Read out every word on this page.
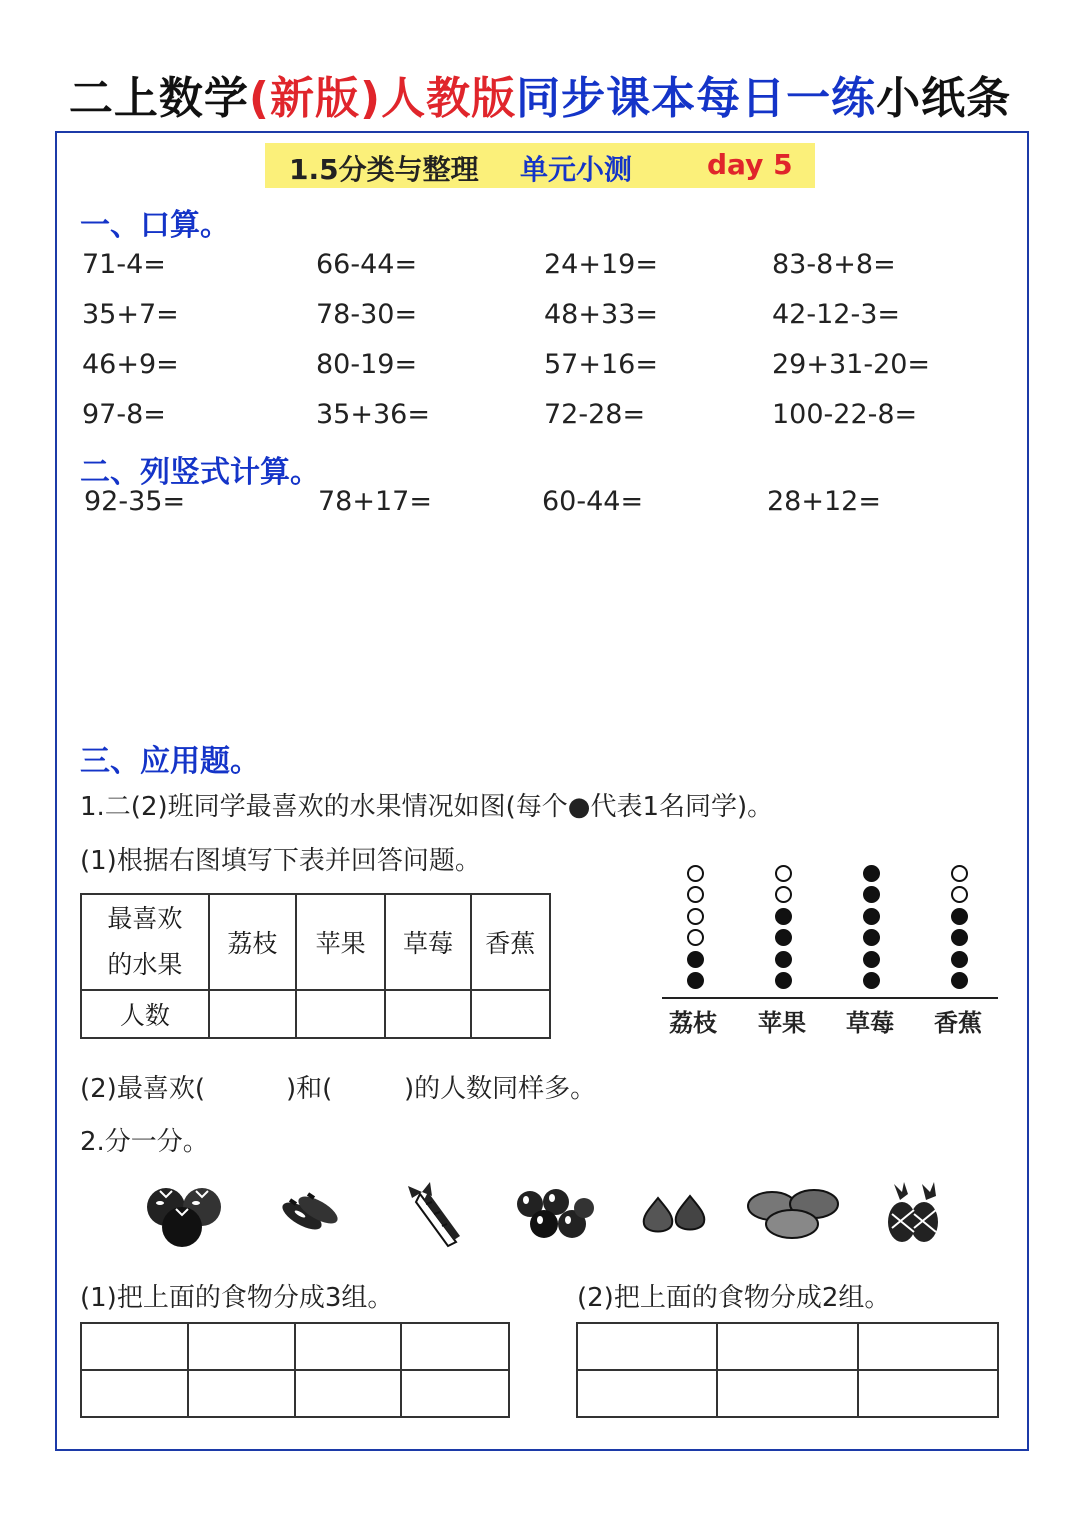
二上数学(新版)人教版同步课本每日一练小纸条
1.5分类与整理 单元小测	day 5
一、口算。
71-4=	66-44=	24+19=	83-8+8=
35+7=	78-30=	48+33=	42-12-3=
46+9=	80-19=	57+16=	29+31-20=
97-8=	35+36=	72-28=	100-22-8=
二、列竖式计算。
92-35=	78+17=	60-44=	28+12=
三、应用题。
1.二(2)班同学最喜欢的水果情况如图(每个●代表1名同学)。
(1)根据右图填写下表并回答问题。
最喜欢
的水果	荔枝	苹果	草莓	香蕉
人数					荔枝 苹果 草莓 香蕉
(2)最喜欢(	)和(	)的人数同样多。
2.分一分。
(1)把上面的食物分成3组。	(2)把上面的食物分成2组。
